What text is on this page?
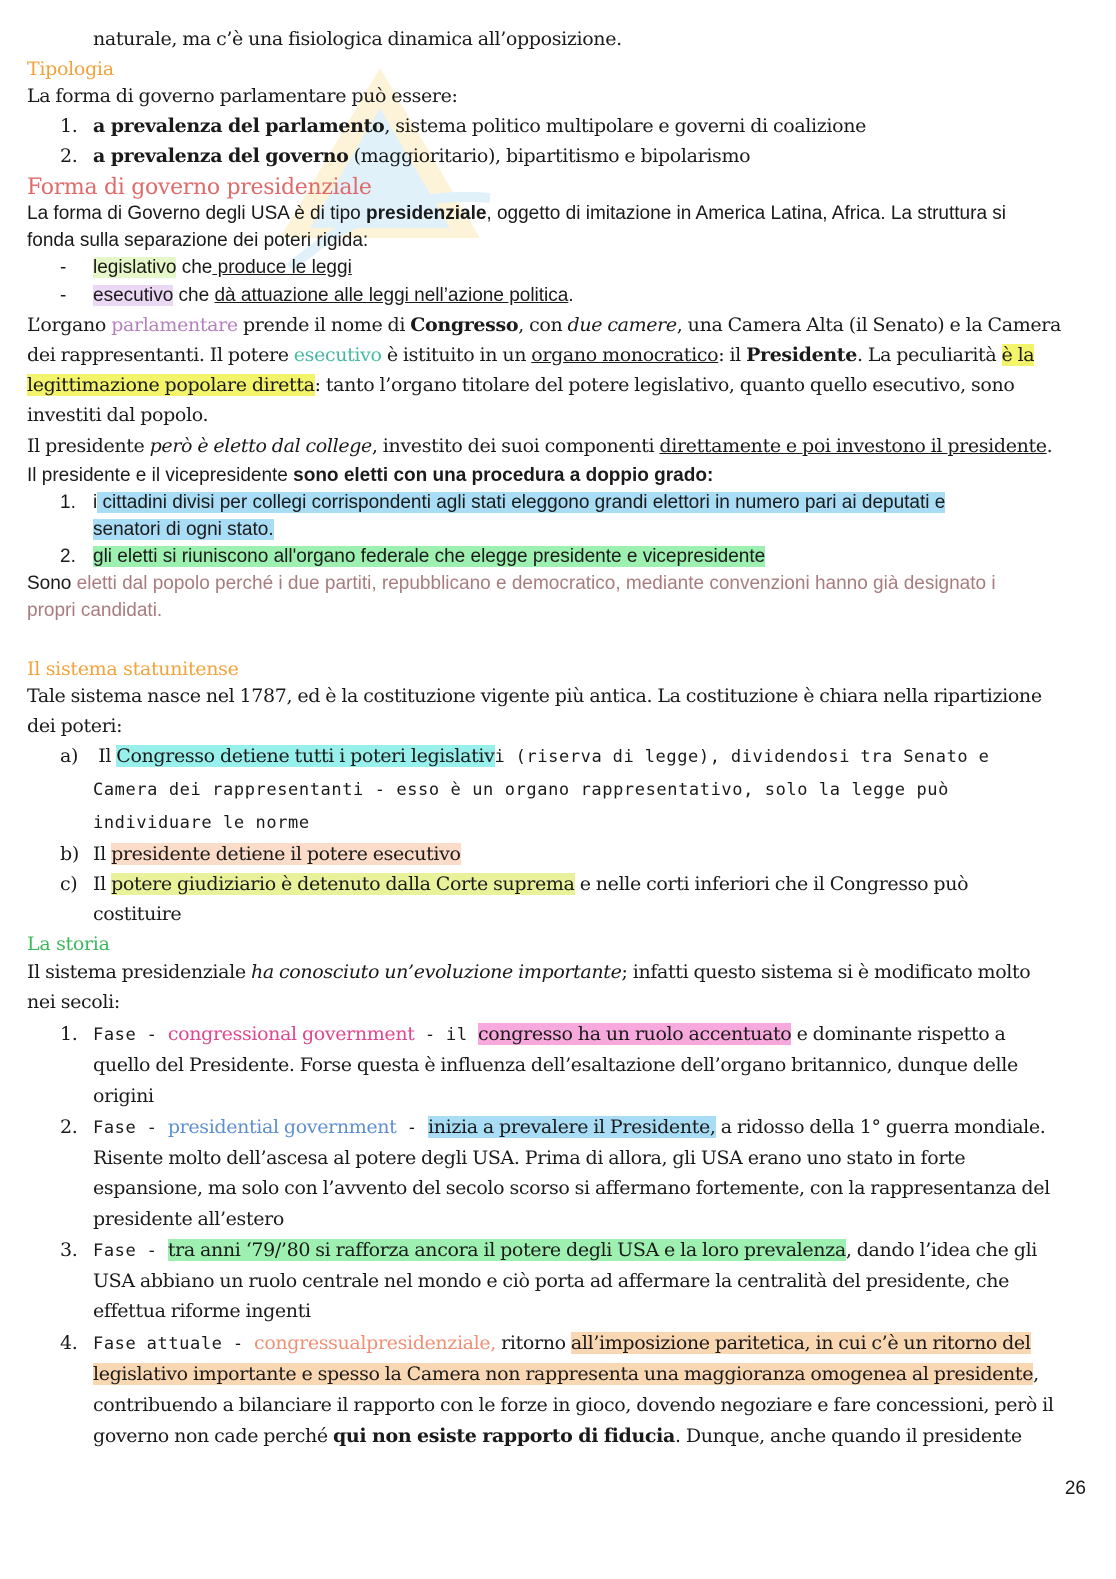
naturale, ma c’è una fisiologica dinamica all’opposizione.
Tipologia
La forma di governo parlamentare può essere:
1. a prevalenza del parlamento, sistema politico multipolare e governi di coalizione
2. a prevalenza del governo (maggioritario), bipartitismo e bipolarismo
Forma di governo presidenziale
La forma di Governo degli USA è di tipo presidenziale, oggetto di imitazione in America Latina, Africa. La struttura si
fonda sulla separazione dei poteri rigida:
- legislativo che produce le leggi
- esecutivo che dà attuazione alle leggi nell’azione politica.
L’organo parlamentare prende il nome di Congresso, con due camere, una Camera Alta (il Senato) e la Camera
dei rappresentanti. Il potere esecutivo è istituito in un organo monocratico: il Presidente. La peculiarità è la
legittimazione popolare diretta: tanto l’organo titolare del potere legislativo, quanto quello esecutivo, sono
investiti dal popolo.
Il presidente però è eletto dal college, investito dei suoi componenti direttamente e poi investono il presidente.
Il presidente e il vicepresidente sono eletti con una procedura a doppio grado:
1. i cittadini divisi per collegi corrispondenti agli stati eleggono grandi elettori in numero pari ai deputati e
senatori di ogni stato.
2. gli eletti si riuniscono all'organo federale che elegge presidente e vicepresidente
Sono eletti dal popolo perché i due partiti, repubblicano e democratico, mediante convenzioni hanno già designato i
propri candidati.
Il sistema statunitense
Tale sistema nasce nel 1787, ed è la costituzione vigente più antica. La costituzione è chiara nella ripartizione
dei poteri:
a) Il Congresso detiene tutti i poteri legislativi (riserva di legge), dividendosi tra Senato e
Camera dei rappresentanti - esso è un organo rappresentativo, solo la legge può
individuare le norme
b) Il presidente detiene il potere esecutivo
c) Il potere giudiziario è detenuto dalla Corte suprema e nelle corti inferiori che il Congresso può
costituire
La storia
Il sistema presidenziale ha conosciuto un’evoluzione importante; infatti questo sistema si è modificato molto
nei secoli:
1. Fase - congressional government - il congresso ha un ruolo accentuato e dominante rispetto a
quello del Presidente. Forse questa è influenza dell’esaltazione dell’organo britannico, dunque delle
origini
2. Fase - presidential government - inizia a prevalere il Presidente, a ridosso della 1° guerra mondiale.
Risente molto dell’ascesa al potere degli USA. Prima di allora, gli USA erano uno stato in forte
espansione, ma solo con l’avvento del secolo scorso si affermano fortemente, con la rappresentanza del
presidente all’estero
3. Fase - tra anni ‘79/’80 si rafforza ancora il potere degli USA e la loro prevalenza, dando l’idea che gli
USA abbiano un ruolo centrale nel mondo e ciò porta ad affermare la centralità del presidente, che
effettua riforme ingenti
4. Fase attuale - congressualpresidenziale, ritorno all’imposizione paritetica, in cui c’è un ritorno del
legislativo importante e spesso la Camera non rappresenta una maggioranza omogenea al presidente,
contribuendo a bilanciare il rapporto con le forze in gioco, dovendo negoziare e fare concessioni, però il
governo non cade perché qui non esiste rapporto di fiducia. Dunque, anche quando il presidente
26
